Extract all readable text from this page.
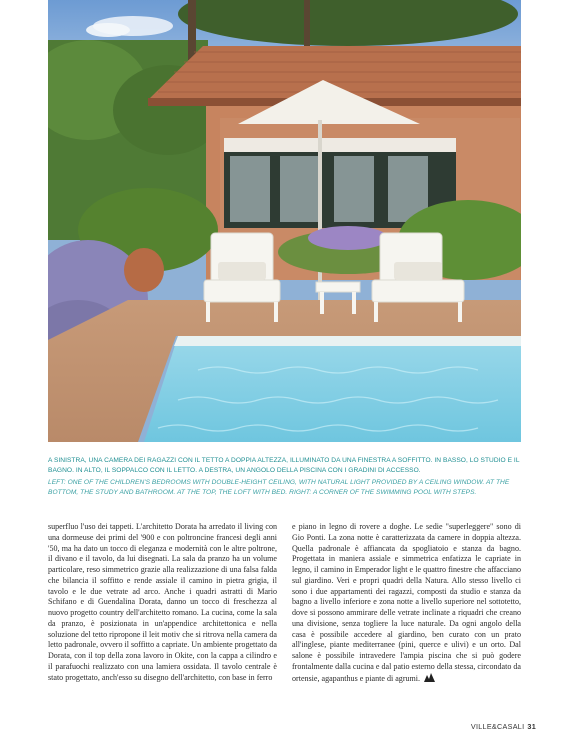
A SINISTRA, UNA CAMERA DEI RAGAZZI CON IL TETTO A DOPPIA ALTEZZA, ILLUMINATO DA UNA FINESTRA A SOFFITTO. IN BASSO, LO STUDIO E IL BAGNO. IN ALTO, IL SOPPALCO CON IL LETTO. A DESTRA, UN ANGOLO DELLA PISCINA CON I GRADINI DI ACCESSO.

LEFT: ONE OF THE CHILDREN'S BEDROOMS WITH DOUBLE-HEIGHT CEILING, WITH NATURAL LIGHT PROVIDED BY A CEILING WINDOW. AT THE BOTTOM, THE STUDY AND BATHROOM. AT THE TOP, THE LOFT WITH BED. RIGHT: A CORNER OF THE SWIMMING POOL WITH STEPS.

superfluo l'uso dei tappeti. L'architetto Dorata ha arredato il living con una dormeuse dei primi del '900 e con poltroncine francesi degli anni '50, ma ha dato un tocco di eleganza e modernità con le altre poltrone, il divano e il tavolo, da lui disegnati. La sala da pranzo ha un volume particolare, reso simmetrico grazie alla realizzazione di una falsa falda che bilancia il soffitto e rende assiale il camino in pietra grigia, il tavolo e le due vetrate ad arco. Anche i quadri astratti di Mario Schifano e di Guendalina Dorata, danno un tocco di freschezza al nuovo progetto country dell'architetto romano. La cucina, come la sala da pranzo, è posizionata in un'appendice architettonica e nella soluzione del tetto ripropone il leit motiv che si ritrova nella camera da letto padronale, ovvero il soffitto a capriate. Un ambiente progettato da Dorata, con il top della zona lavoro in Okite, con la cappa a cilindro e il parafuochi realizzato con una lamiera ossidata. Il tavolo centrale è stato progettato, anch'esso su disegno dell'architetto, con base in ferro

e piano in legno di rovere a doghe. Le sedie "superleggere" sono di Gio Ponti. La zona notte è caratterizzata da camere in doppia altezza. Quella padronale è affiancata da spogliatoio e stanza da bagno. Progettata in maniera assiale e simmetrica enfatizza le capriate in legno, il camino in Emperador light e le quattro finestre che affacciano sul giardino. Veri e propri quadri della Natura. Allo stesso livello ci sono i due appartamenti dei ragazzi, composti da studio e stanza da bagno a livello inferiore e zona notte a livello superiore nel sottotetto, dove si possono ammirare delle vetrate inclinate a riquadri che creano una divisione, senza togliere la luce naturale. Da ogni angolo della casa è possibile accedere al giardino, ben curato con un prato all'inglese, piante mediterranee (pini, querce e ulivi) e un orto. Dal salone è possibile intravedere l'ampia piscina che si può godere frontalmente dalla cucina e dal patio esterno della stessa, circondato da ortensie, agapanthus e piante di agrumi.
VILLE&CASALI 31
